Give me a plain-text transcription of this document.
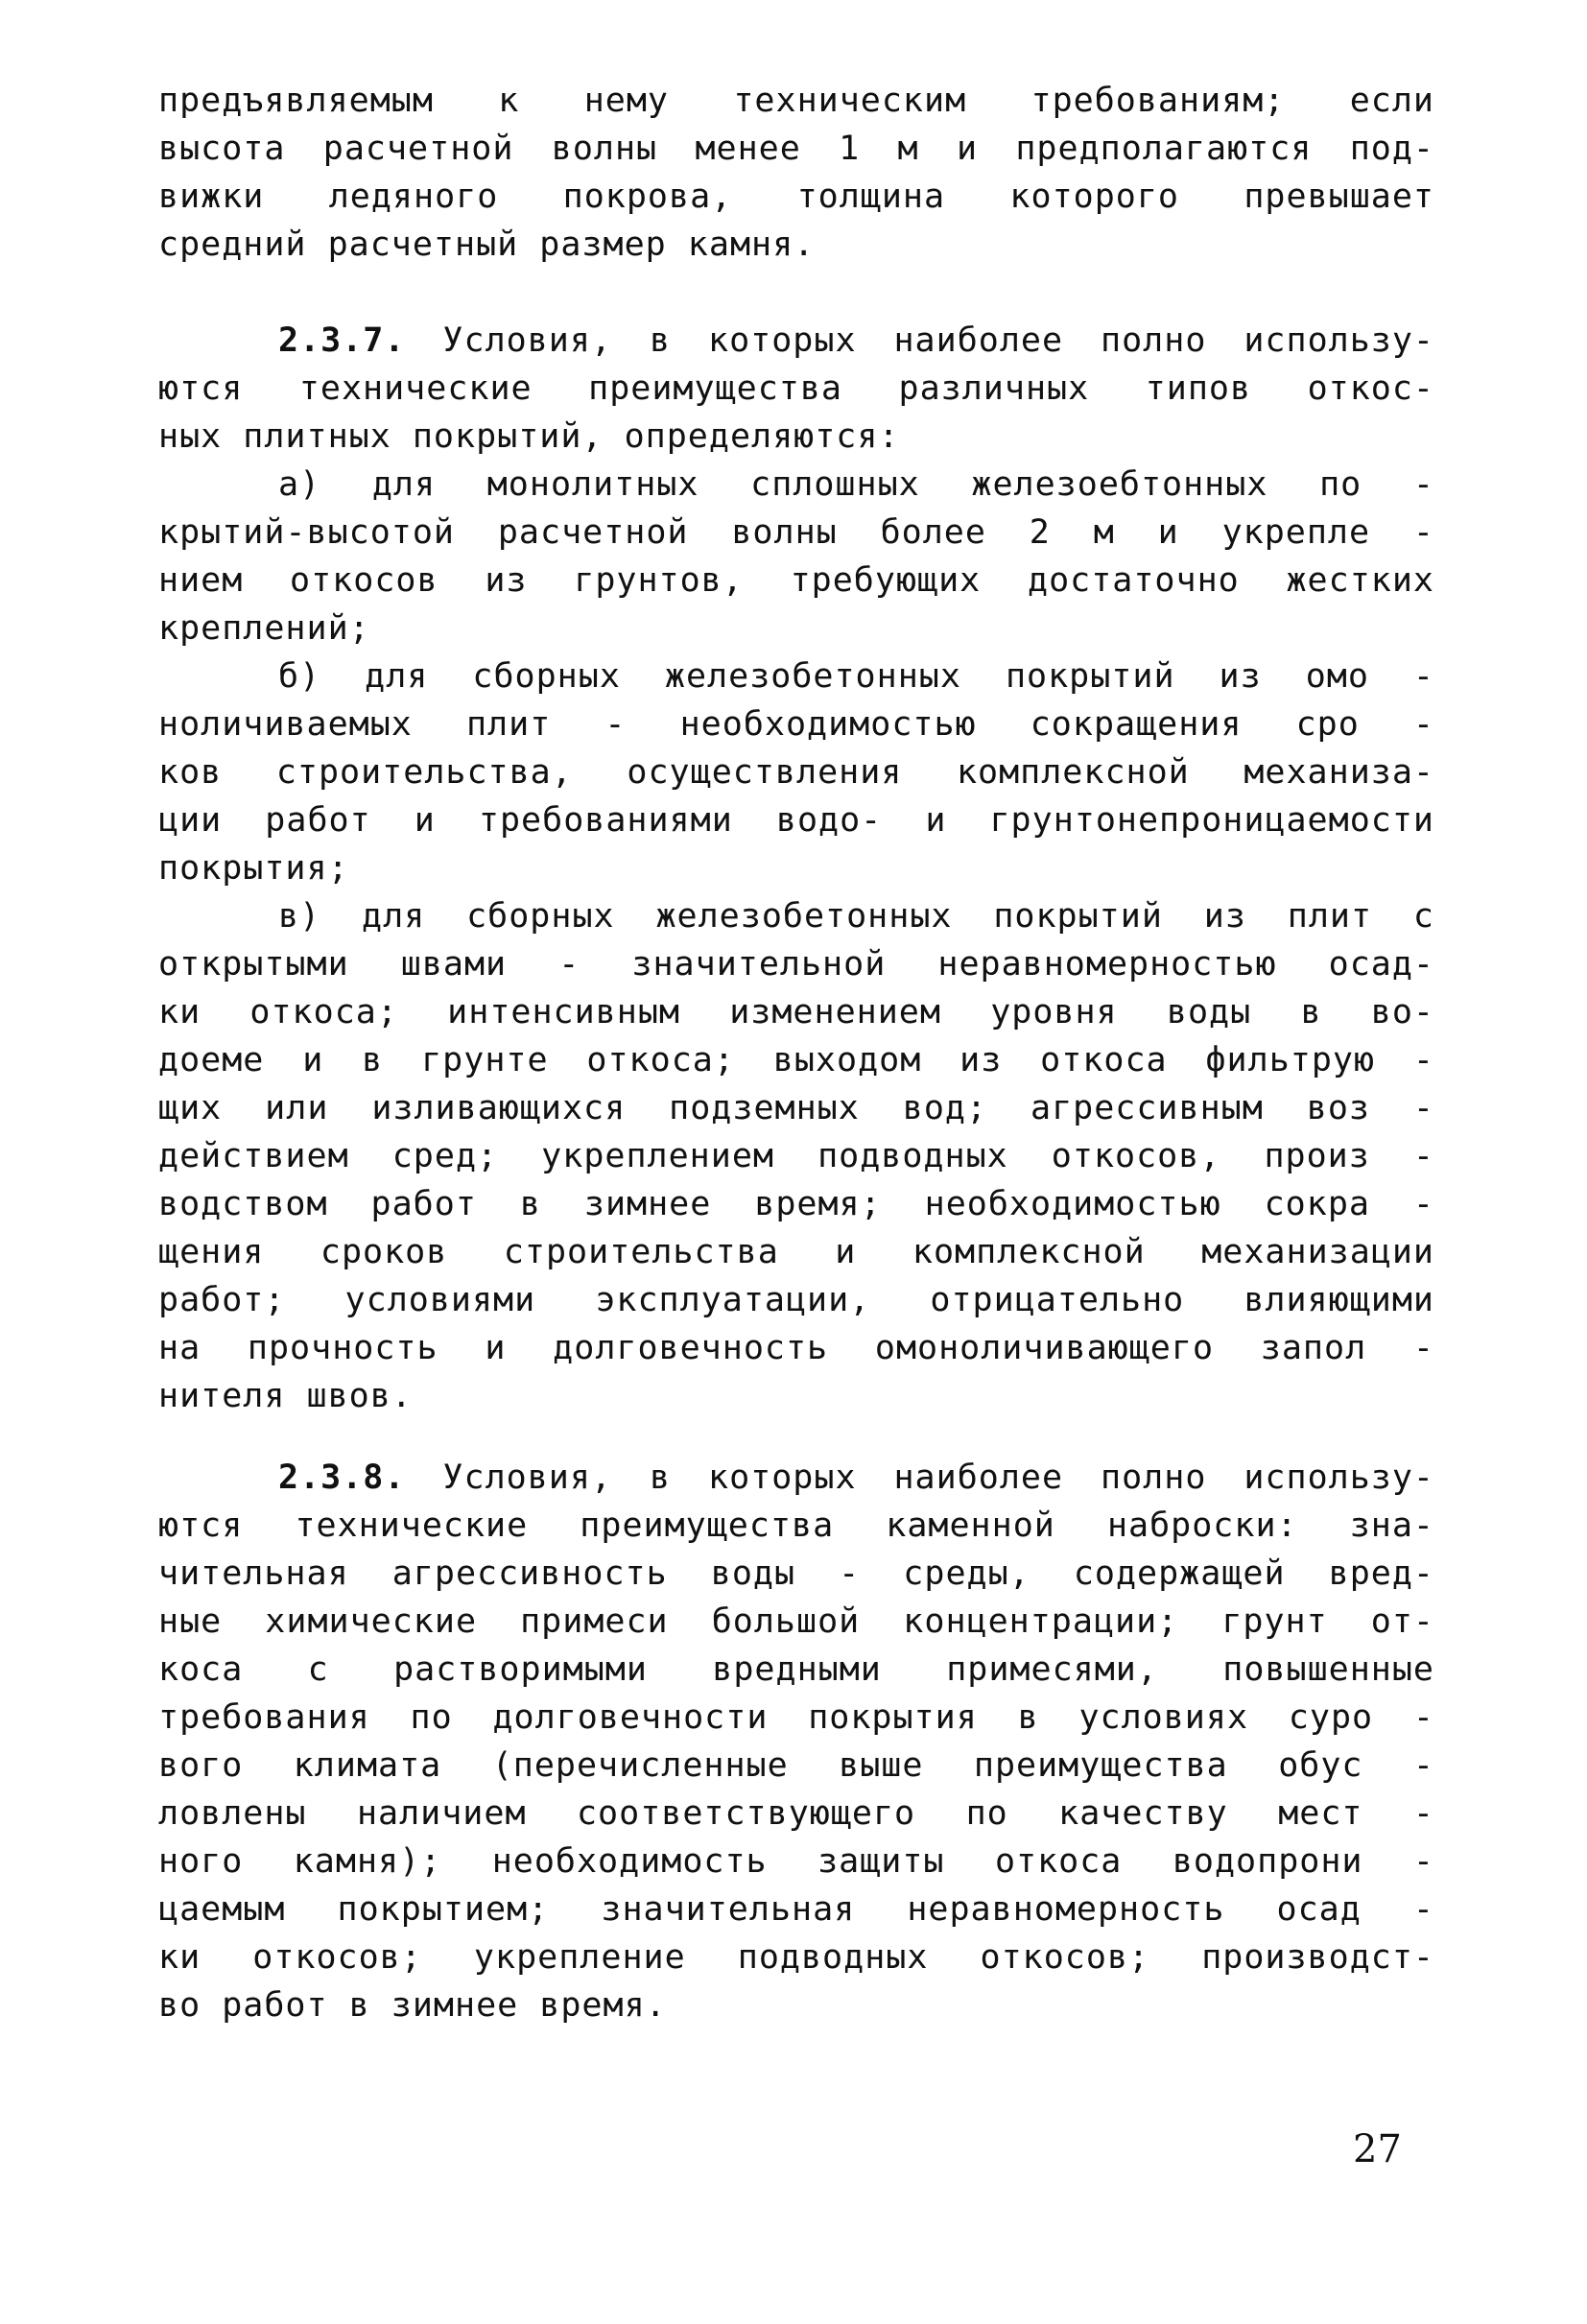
предъявляемым к нему техническим требованиям; если
высота расчетной волны менее 1 м и предполагаются под-
вижки ледяного покрова, толщина которого превышает
средний расчетный размер камня.
2.3.7. Условия, в которых наиболее полно использу-
ются технические преимущества различных типов откос-
ных плитных покрытий, определяются:
а) для монолитных сплошных железоебтонных по -
крытий-высотой расчетной волны более 2 м и укрепле -
нием откосов из грунтов, требующих достаточно жестких
креплений;
б) для сборных железобетонных покрытий из омо -
ноличиваемых плит - необходимостью сокращения сро -
ков строительства, осуществления комплексной механиза-
ции работ и требованиями водо- и грунтонепроницаемости
покрытия;
в) для сборных железобетонных покрытий из плит с
открытыми швами - значительной неравномерностью осад-
ки откоса; интенсивным изменением уровня воды в во-
доеме и в грунте откоса; выходом из откоса фильтрую -
щих или изливающихся подземных вод; агрессивным воз -
действием сред; укреплением подводных откосов, произ -
водством работ в зимнее время; необходимостью сокра -
щения сроков строительства и комплексной механизации
работ; условиями эксплуатации, отрицательно влияющими
на прочность и долговечность омоноличивающего запол -
нителя швов.
2.3.8. Условия, в которых наиболее полно использу-
ются технические преимущества каменной наброски: зна-
чительная агрессивность воды - среды, содержащей вред-
ные химические примеси большой концентрации; грунт от-
коса с растворимыми вредными примесями, повышенные
требования по долговечности покрытия в условиях суро -
вого климата (перечисленные выше преимущества обус -
ловлены наличием соответствующего по качеству мест -
ного камня); необходимость защиты откоса водопрони -
цаемым покрытием; значительная неравномерность осад -
ки откосов; укрепление подводных откосов; производст-
во работ в зимнее время.
27
